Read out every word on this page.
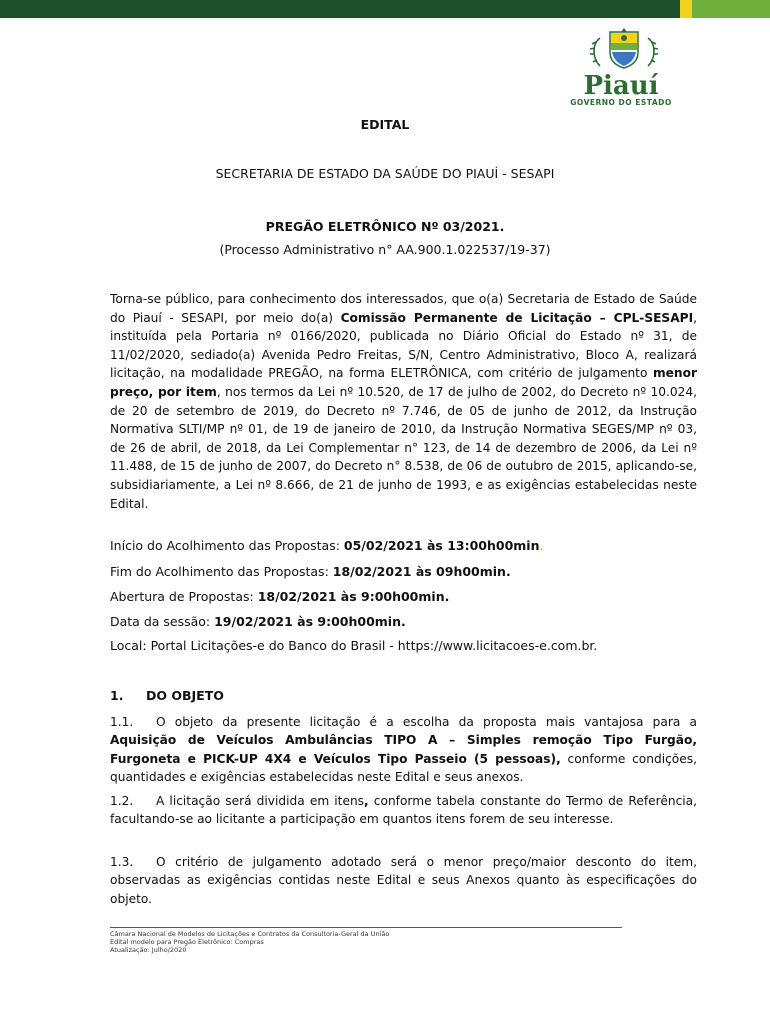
Piauí
GOVERNO DO ESTADO
EDITAL
SECRETARIA DE ESTADO DA SAÚDE DO PIAUÍ - SESAPI
PREGÃO ELETRÔNICO Nº 03/2021.
(Processo Administrativo n° AA.900.1.022537/19-37)

Torna-se público, para conhecimento dos interessados, que o(a) Secretaria de Estado de Saúde do Piauí - SESAPI, por meio do(a) Comissão Permanente de Licitação – CPL-SESAPI, instituída pela Portaria nº 0166/2020, publicada no Diário Oficial do Estado nº 31, de 11/02/2020, sediado(a) Avenida Pedro Freitas, S/N, Centro Administrativo, Bloco A, realizará licitação, na modalidade PREGÃO, na forma ELETRÔNICA, com critério de julgamento menor preço, por item, nos termos da Lei nº 10.520, de 17 de julho de 2002, do Decreto nº 10.024, de 20 de setembro de 2019, do Decreto nº 7.746, de 05 de junho de 2012, da Instrução Normativa SLTI/MP nº 01, de 19 de janeiro de 2010, da Instrução Normativa SEGES/MP nº 03, de 26 de abril, de 2018, da Lei Complementar n° 123, de 14 de dezembro de 2006, da Lei nº 11.488, de 15 de junho de 2007, do Decreto n° 8.538, de 06 de outubro de 2015, aplicando-se, subsidiariamente, a Lei nº 8.666, de 21 de junho de 1993, e as exigências estabelecidas neste Edital.

Início do Acolhimento das Propostas: 05/02/2021 às 13:00h00min.
Fim do Acolhimento das Propostas: 18/02/2021 às 09h00min.
Abertura de Propostas: 18/02/2021 às 9:00h00min.
Data da sessão: 19/02/2021 às 9:00h00min.
Local: Portal Licitações-e do Banco do Brasil - https://www.licitacoes-e.com.br.
1. DO OBJETO

1.1. O objeto da presente licitação é a escolha da proposta mais vantajosa para a Aquisição de Veículos Ambulâncias TIPO A – Simples remoção Tipo Furgão, Furgoneta e PICK-UP 4X4 e Veículos Tipo Passeio (5 pessoas), conforme condições, quantidades e exigências estabelecidas neste Edital e seus anexos.

1.2. A licitação será dividida em itens, conforme tabela constante do Termo de Referência, facultando-se ao licitante a participação em quantos itens forem de seu interesse.

1.3. O critério de julgamento adotado será o menor preço/maior desconto do item, observadas as exigências contidas neste Edital e seus Anexos quanto às especificações do objeto.

Câmara Nacional de Modelos de Licitações e Contratos da Consultoria-Geral da União
Edital modelo para Pregão Eletrônico: Compras
Atualização: Julho/2020
